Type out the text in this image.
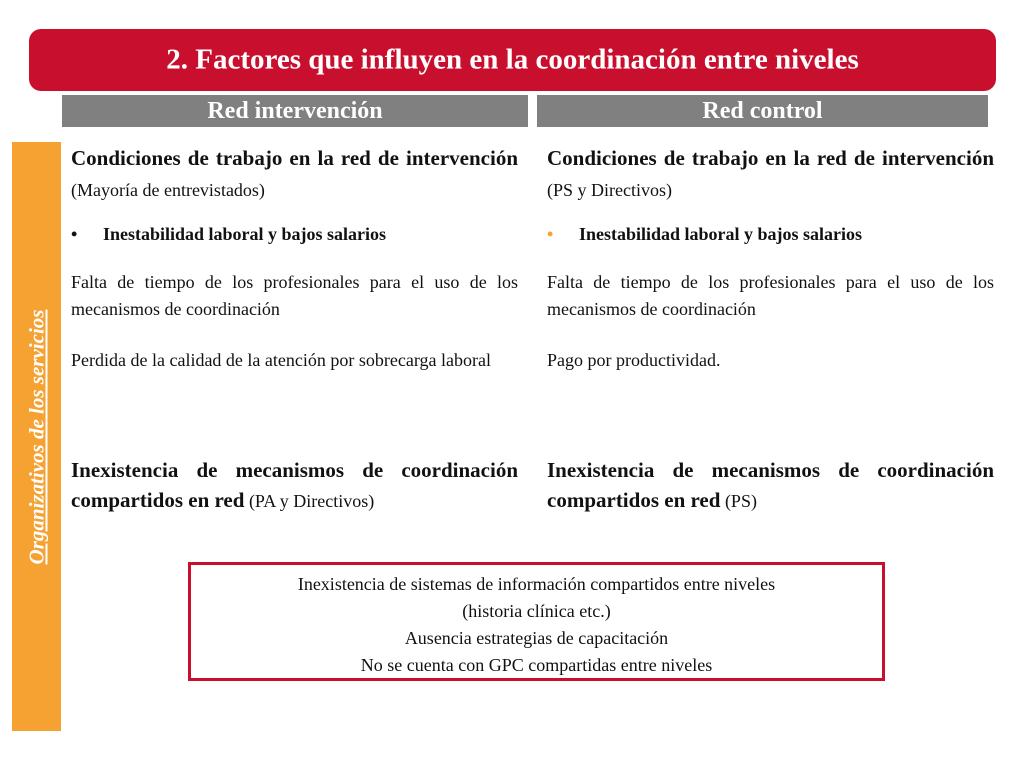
2. Factores que influyen en la coordinación entre niveles
Red intervención	Red control
Organizativos de los servicios
Condiciones de trabajo en la red de intervención (Mayoría de entrevistados)
• Inestabilidad laboral y bajos salarios
Falta de tiempo de los profesionales para el uso de los mecanismos de coordinación
Perdida de la calidad de la atención por sobrecarga laboral
Inexistencia de mecanismos de coordinación compartidos en red (PA y Directivos)
Condiciones de trabajo en la red de intervención (PS y Directivos)
• Inestabilidad laboral y bajos salarios
Falta de tiempo de los profesionales para el uso de los mecanismos de coordinación
Pago por productividad.
Inexistencia de mecanismos de coordinación compartidos en red (PS)
Inexistencia de sistemas de información compartidos entre niveles
(historia clínica etc.)
Ausencia estrategias de capacitación
No se cuenta con GPC compartidas entre niveles
